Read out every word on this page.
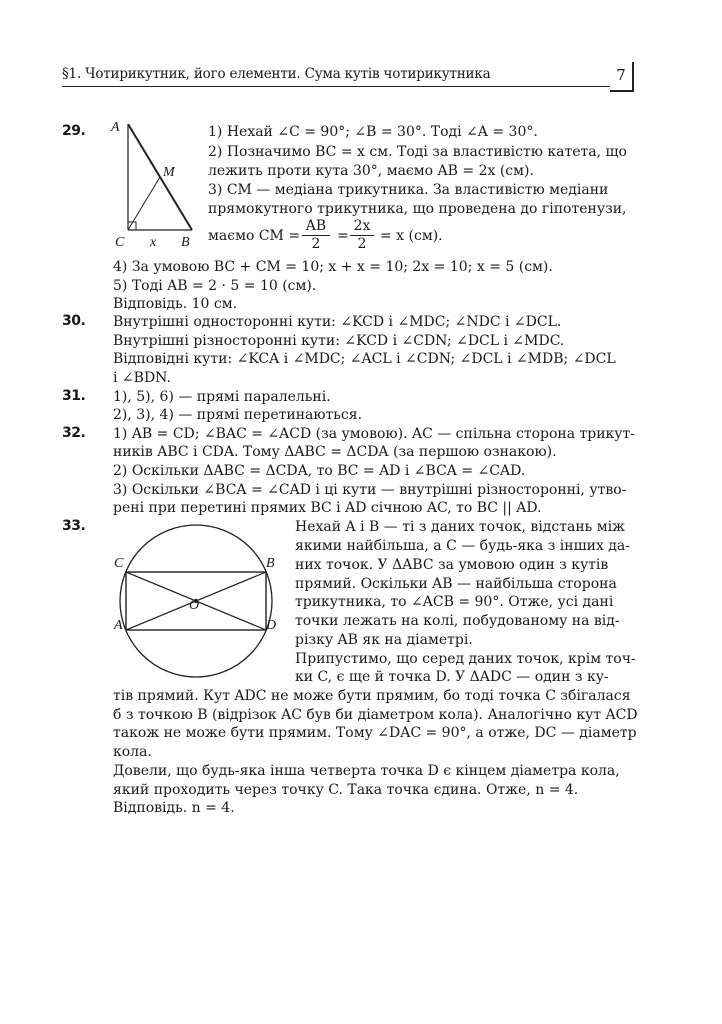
§1. Чотирикутник, його елементи. Сума кутів чотирикутника	7
29. A
M
C x B
1) Нехай ∠C = 90°; ∠B = 30°. Тоді ∠A = 30°.
2) Позначимо BC = x см. Тоді за властивістю катета, що
лежить проти кута 30°, маємо AB = 2x (см).
3) CM — медіана трикутника. За властивістю медіани
прямокутного трикутника, що проведена до гіпотенузи,
маємо CM = $\frac{AB}{2} = \frac{2x}{2} = x$ (см).
4) За умовою BC + CM = 10; x + x = 10; 2x = 10; x = 5 (см).
5) Тоді AB = 2 · 5 = 10 (см).
Відповідь. 10 см.
30. Внутрішні односторонні кути: ∠KCD і ∠MDC; ∠NDC і ∠DCL.
Внутрішні різносторонні кути: ∠KCD і ∠CDN; ∠DCL і ∠MDC.
Відповідні кути: ∠KCA і ∠MDC; ∠ACL і ∠CDN; ∠DCL і ∠MDB; ∠DCL
і ∠BDN.
31. 1), 5), 6) — прямі паралельні.
2), 3), 4) — прямі перетинаються.
32. 1) AB = CD; ∠BAC = ∠ACD (за умовою). AC — спільна сторона трикут-
ників ABC і CDA. Тому ΔABC = ΔCDA (за першою ознакою).
2) Оскільки ΔABC = ΔCDA, то BC = AD і ∠BCA = ∠CAD.
3) Оскільки ∠BCA = ∠CAD і ці кути — внутрішні різносторонні, утво-
рені при перетині прямих BC і AD січною AC, то BC || AD.
33.
C	B
O
A	D
Нехай A і B — ті з даних точок, відстань між
якими найбільша, а C — будь-яка з інших да-
них точок. У ΔABC за умовою один з кутів
прямий. Оскільки AB — найбільша сторона
трикутника, то ∠ACB = 90°. Отже, усі дані
точки лежать на колі, побудованому на від-
різку AB як на діаметрі.
Припустимо, що серед даних точок, крім точ-
ки C, є ще й точка D. У ΔADC — один з ку-
тів прямий. Кут ADC не може бути прямим, бо тоді точка C збігалася
б з точкою B (відрізок AC був би діаметром кола). Аналогічно кут ACD
також не може бути прямим. Тому ∠DAC = 90°, а отже, DC — діаметр
кола.
Довели, що будь-яка інша четверта точка D є кінцем діаметра кола,
який проходить через точку C. Така точка єдина. Отже, n = 4.
Відповідь. n = 4.
